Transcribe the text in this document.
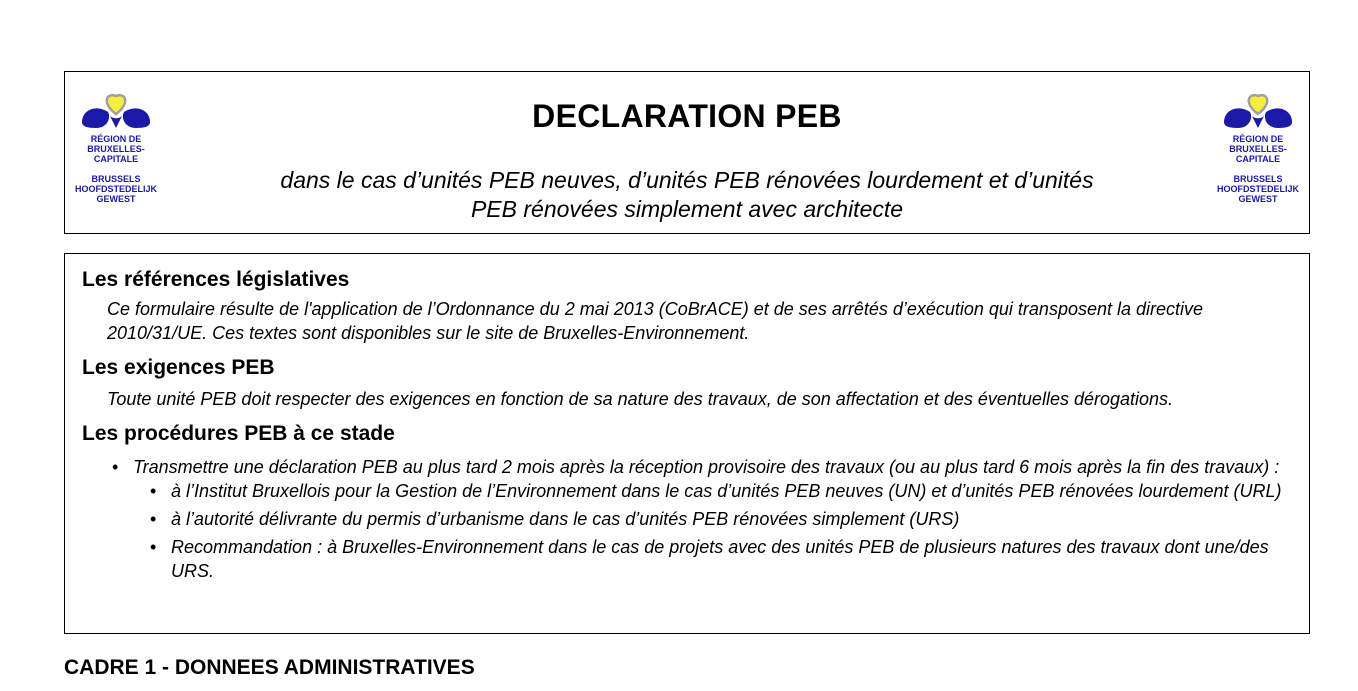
RÉGION DE
BRUXELLES-
CAPITALE
BRUSSELS
HOOFDSTEDELIJK
GEWEST
DECLARATION PEB
dans le cas d’unités PEB neuves, d’unités PEB rénovées lourdement et d’unités
PEB rénovées simplement avec architecte
RÉGION DE
BRUXELLES-
CAPITALE
BRUSSELS
HOOFDSTEDELIJK
GEWEST
Les références législatives
Ce formulaire résulte de l'application de l’Ordonnance du 2 mai 2013 (CoBrACE) et de ses arrêtés d’exécution qui transposent la directive 2010/31/UE. Ces textes sont disponibles sur le site de Bruxelles-Environnement.
Les exigences PEB
Toute unité PEB doit respecter des exigences en fonction de sa nature des travaux, de son affectation et des éventuelles dérogations.
Les procédures PEB à ce stade
• Transmettre une déclaration PEB au plus tard 2 mois après la réception provisoire des travaux (ou au plus tard 6 mois après la fin des travaux) :
• à l’Institut Bruxellois pour la Gestion de l’Environnement dans le cas d’unités PEB neuves (UN) et d’unités PEB rénovées lourdement (URL)
• à l’autorité délivrante du permis d’urbanisme dans le cas d’unités PEB rénovées simplement (URS)
• Recommandation : à Bruxelles-Environnement dans le cas de projets avec des unités PEB de plusieurs natures des travaux dont une/des URS.
CADRE 1 - DONNEES ADMINISTRATIVES
